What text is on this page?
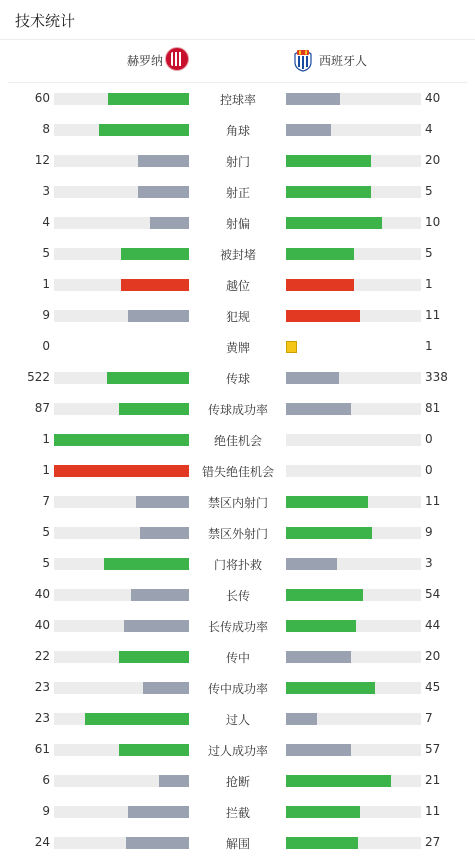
技术统计
赫罗纳	西班牙人
60	控球率	40
8	角球	4
12	射门	20
3	射正	5
4	射偏	10
5	被封堵	5
1	越位	1
9	犯规	11
0	黄牌	1
522	传球	338
87	传球成功率	81
1	绝佳机会	0
1	错失绝佳机会	0
7	禁区内射门	11
5	禁区外射门	9
5	门将扑救	3
40	长传	54
40	长传成功率	44
22	传中	20
23	传中成功率	45
23	过人	7
61	过人成功率	57
6	抢断	21
9	拦截	11
24	解围	27
